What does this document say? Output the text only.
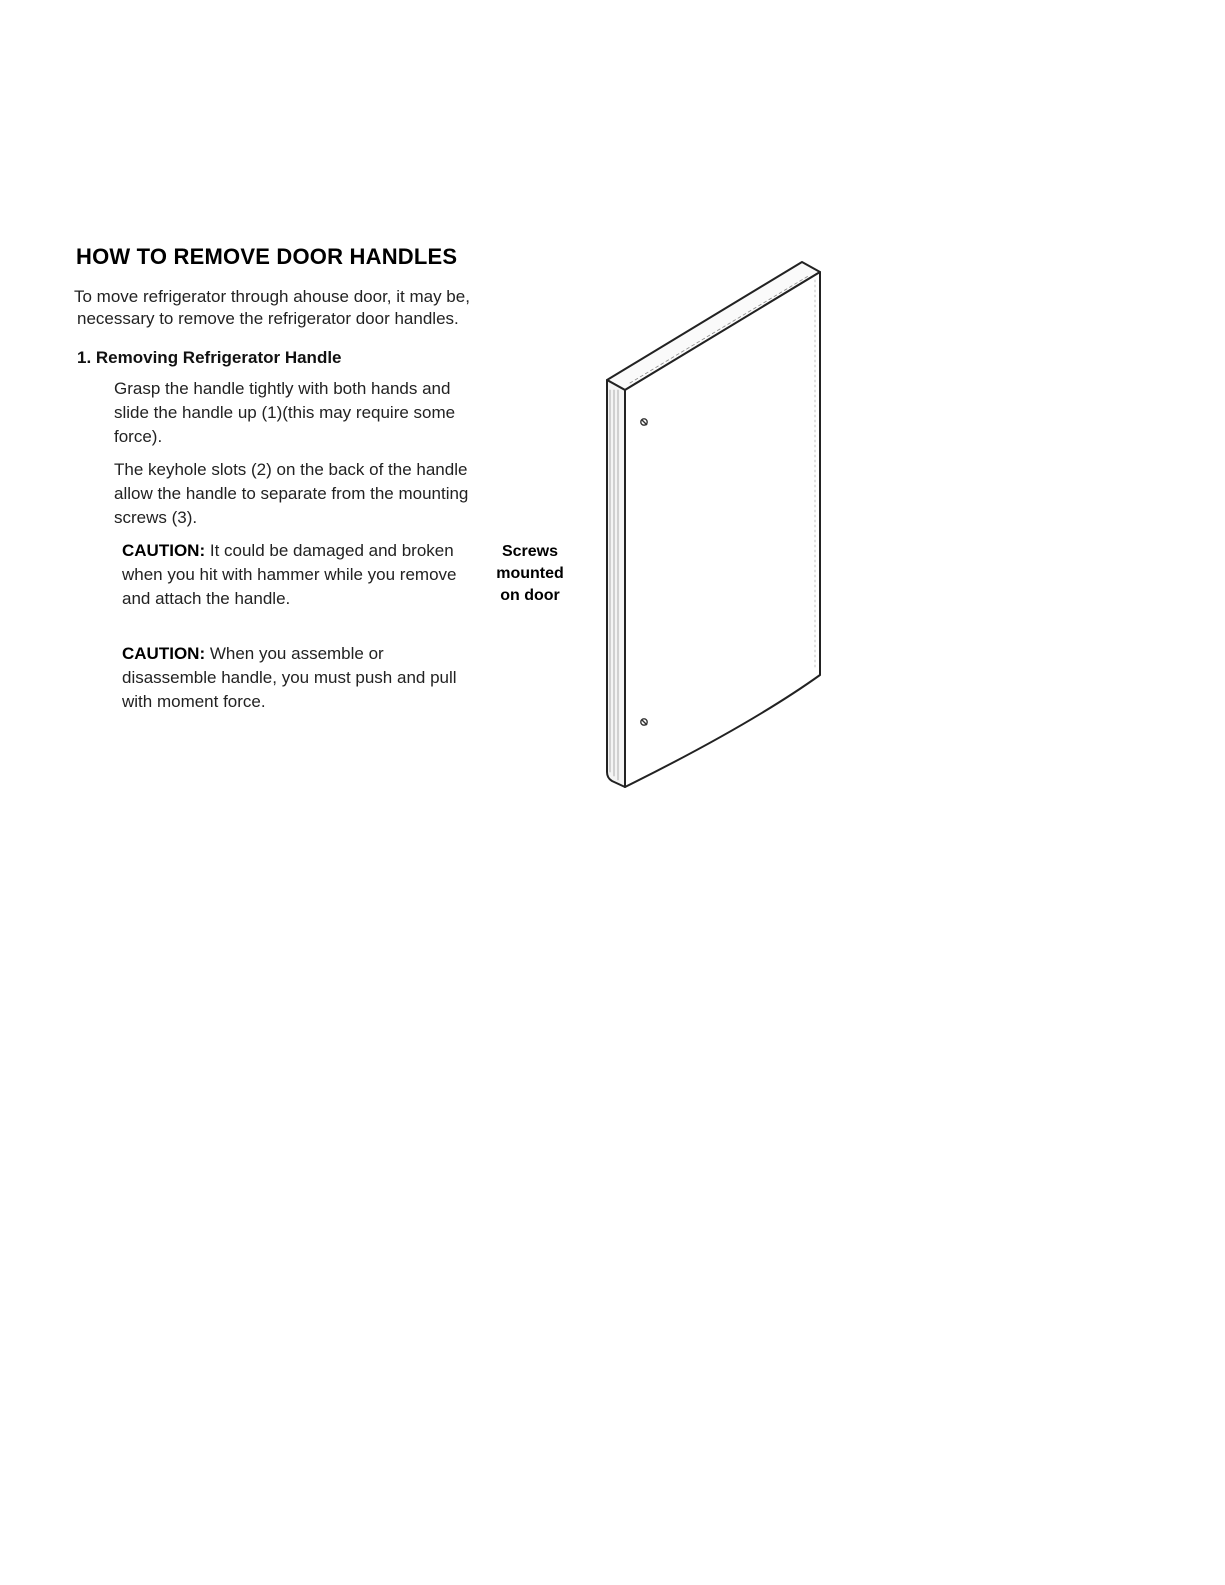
HOW TO REMOVE DOOR HANDLES

To move refrigerator through ahouse door, it may be,
necessary to remove the refrigerator door handles.

1. Removing Refrigerator Handle

Grasp the handle tightly with both hands and slide the handle up (1)(this may require some force).

The keyhole slots (2) on the back of the handle allow the handle to separate from the mounting screws (3).

CAUTION: It could be damaged and broken when you hit with hammer while you remove and attach the handle.

CAUTION: When you assemble or disassemble handle, you must push and pull with moment force.

Screws
mounted
on door
